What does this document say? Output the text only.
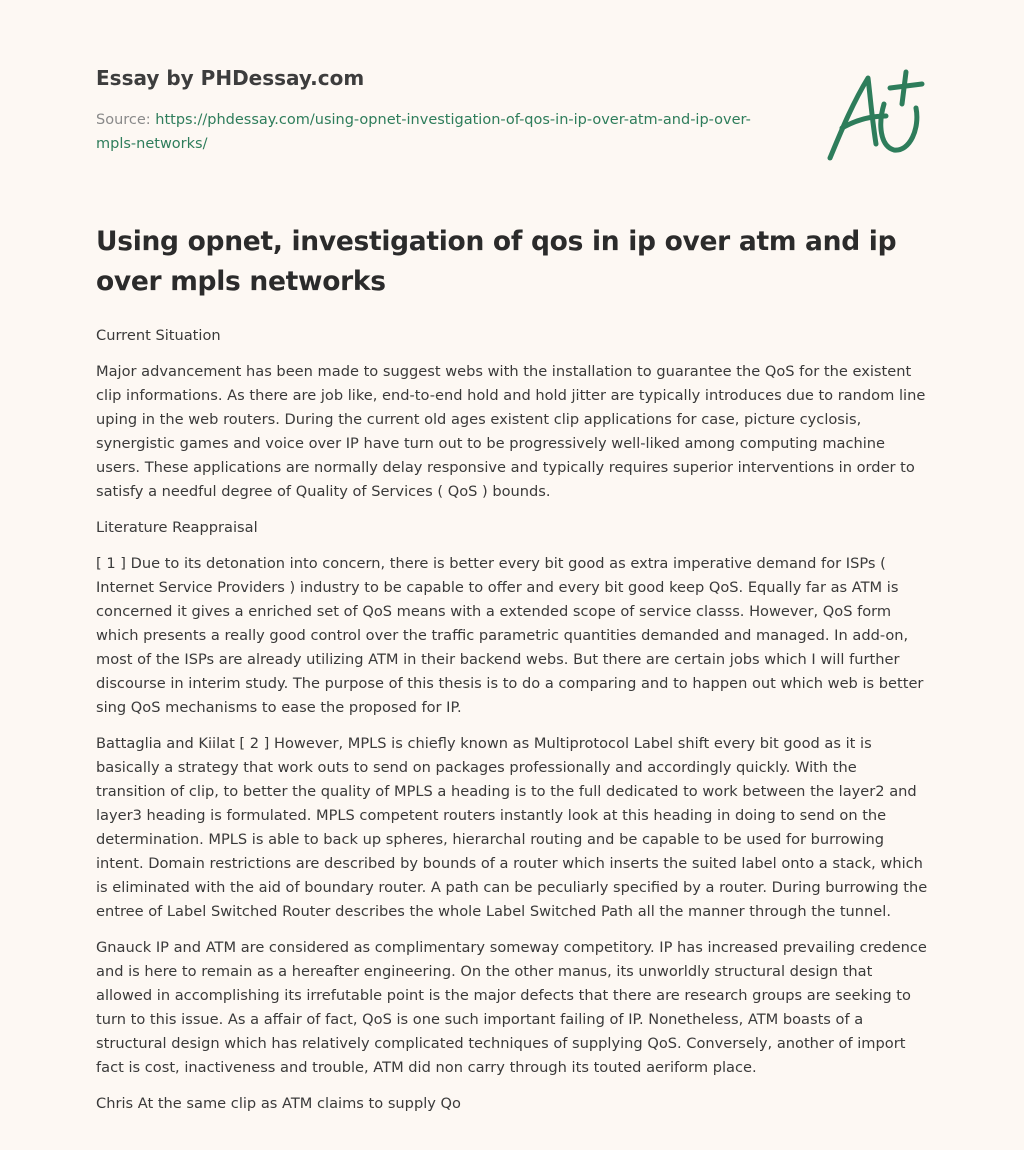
Essay by PHDessay.com

Source: https://phdessay.com/using-opnet-investigation-of-qos-in-ip-over-atm-and-ip-over-mpls-networks/
Using opnet, investigation of qos in ip over atm and ip over mpls networks

Current Situation

Major advancement has been made to suggest webs with the installation to guarantee the QoS for the existent clip informations. As there are job like, end-to-end hold and hold jitter are typically introduces due to random line uping in the web routers. During the current old ages existent clip applications for case, picture cyclosis, synergistic games and voice over IP have turn out to be progressively well-liked among computing machine users. These applications are normally delay responsive and typically requires superior interventions in order to satisfy a needful degree of Quality of Services ( QoS ) bounds.

Literature Reappraisal

[ 1 ] Due to its detonation into concern, there is better every bit good as extra imperative demand for ISPs ( Internet Service Providers ) industry to be capable to offer and every bit good keep QoS. Equally far as ATM is concerned it gives a enriched set of QoS means with a extended scope of service classs. However, QoS form which presents a really good control over the traffic parametric quantities demanded and managed. In add-on, most of the ISPs are already utilizing ATM in their backend webs. But there are certain jobs which I will further discourse in interim study. The purpose of this thesis is to do a comparing and to happen out which web is better sing QoS mechanisms to ease the proposed for IP.

Battaglia and Kiilat [ 2 ] However, MPLS is chiefly known as Multiprotocol Label shift every bit good as it is basically a strategy that work outs to send on packages professionally and accordingly quickly. With the transition of clip, to better the quality of MPLS a heading is to the full dedicated to work between the layer2 and layer3 heading is formulated. MPLS competent routers instantly look at this heading in doing to send on the determination. MPLS is able to back up spheres, hierarchal routing and be capable to be used for burrowing intent. Domain restrictions are described by bounds of a router which inserts the suited label onto a stack, which is eliminated with the aid of boundary router. A path can be peculiarly specified by a router. During burrowing the entree of Label Switched Router describes the whole Label Switched Path all the manner through the tunnel.

Gnauck IP and ATM are considered as complimentary someway competitory. IP has increased prevailing credence and is here to remain as a hereafter engineering. On the other manus, its unworldly structural design that allowed in accomplishing its irrefutable point is the major defects that there are research groups are seeking to turn to this issue. As a affair of fact, QoS is one such important failing of IP. Nonetheless, ATM boasts of a structural design which has relatively complicated techniques of supplying QoS. Conversely, another of import fact is cost, inactiveness and trouble, ATM did non carry through its touted aeriform place.

Chris At the same clip as ATM claims to supply Qo
